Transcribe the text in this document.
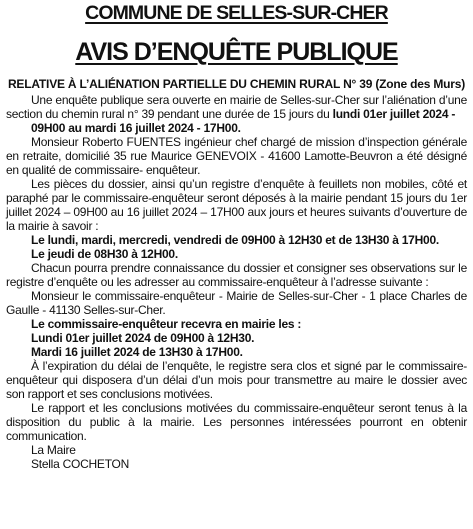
COMMUNE DE SELLES-SUR-CHER
AVIS D’ENQUÊTE PUBLIQUE
RELATIVE À L’ALIÉNATION PARTIELLE DU CHEMIN RURAL N° 39 (Zone des Murs)

Une enquête publique sera ouverte en mairie de Selles-sur-Cher sur l’aliénation d’une section du chemin rural n° 39 pendant une durée de 15 jours du lundi 01er juillet 2024 -

09H00 au mardi 16 juillet 2024 - 17H00.

Monsieur Roberto FUENTES ingénieur chef chargé de mission d’inspection générale en retraite, domicilié 35 rue Maurice GENEVOIX - 41600 Lamotte-Beuvron a été désigné en qualité de commissaire- enquêteur.

Les pièces du dossier, ainsi qu’un registre d’enquête à feuillets non mobiles, côté et paraphé par le commissaire-enquêteur seront déposés à la mairie pendant 15 jours du 1er juillet 2024 – 09H00 au 16 juillet 2024 – 17H00 aux jours et heures suivants d’ouverture de la mairie à savoir :

Le lundi, mardi, mercredi, vendredi de 09H00 à 12H30 et de 13H30 à 17H00.

Le jeudi de 08H30 à 12H00.

Chacun pourra prendre connaissance du dossier et consigner ses observations sur le registre d’enquête ou les adresser au commissaire-enquêteur à l’adresse suivante :

Monsieur le commissaire-enquêteur - Mairie de Selles-sur-Cher - 1 place Charles de Gaulle - 41130 Selles-sur-Cher.

Le commissaire-enquêteur recevra en mairie les :

Lundi 01er juillet 2024 de 09H00 à 12H30.

Mardi 16 juillet 2024 de 13H30 à 17H00.

À l’expiration du délai de l’enquête, le registre sera clos et signé par le commissaire-enquêteur qui disposera d’un délai d’un mois pour transmettre au maire le dossier avec son rapport et ses conclusions motivées.

Le rapport et les conclusions motivées du commissaire-enquêteur seront tenus à la disposition du public à la mairie. Les personnes intéressées pourront en obtenir communication.

La Maire

Stella COCHETON
